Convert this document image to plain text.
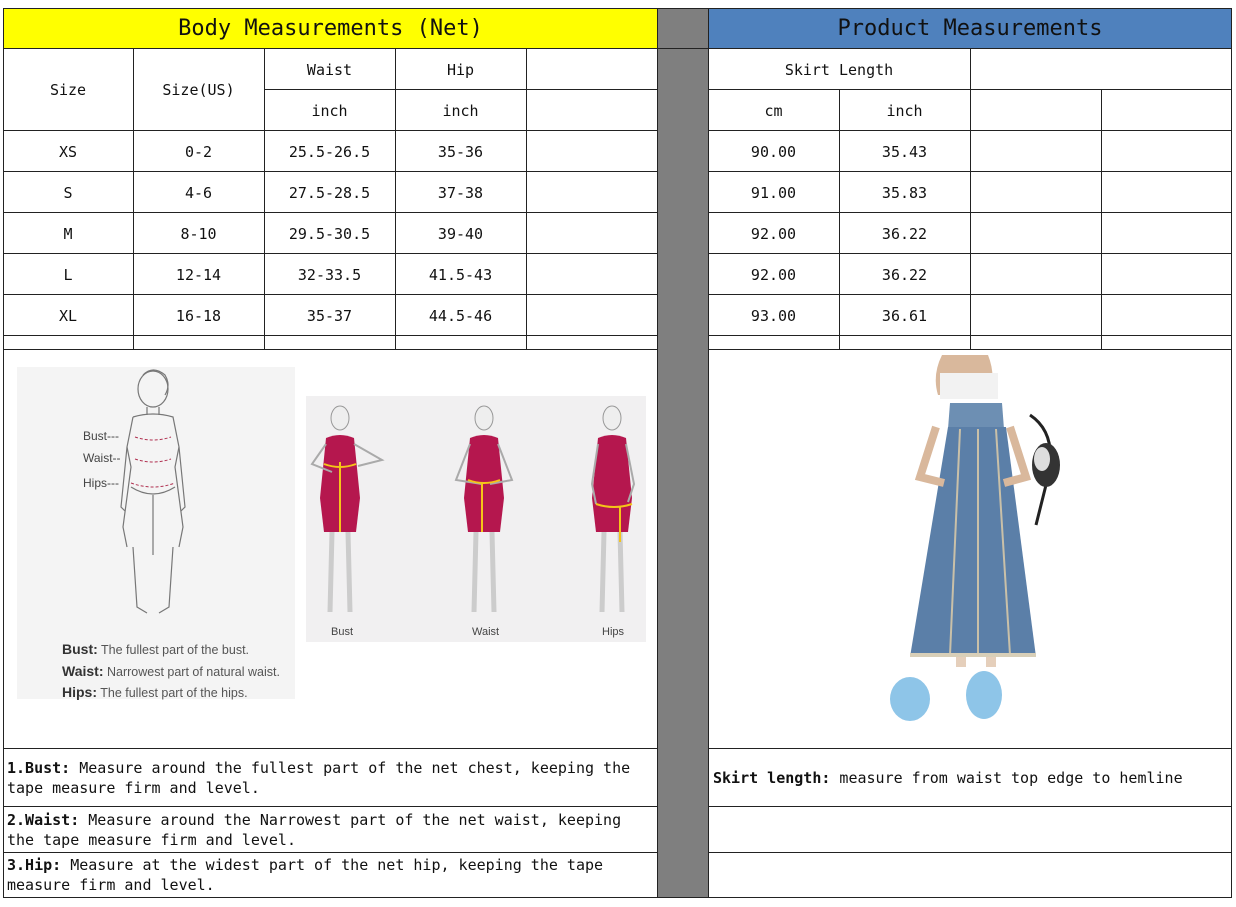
Body Measurements (Net)	Product Measurements
Size	Size(US)
Waist	Hip
inch	inch
Skirt Length
cm	inch
XS	0-2	25.5-26.5	35-36
S	4-6	27.5-28.5	37-38
M	8-10	29.5-30.5	39-40
L	12-14	32-33.5	41.5-43
XL	16-18	35-37	44.5-46
90.00	35.43
91.00	35.83
92.00	36.22
92.00	36.22
93.00	36.61
Bust---
Waist--
Hips---
Bust: The fullest part of the bust.
Waist: Narrowest part of natural waist.
Hips: The fullest part of the hips.
Bust	Waist	Hips
1.Bust: Measure around the fullest part of the net chest, keeping the tape measure firm and level.
2.Waist: Measure around the Narrowest part of the net waist, keeping the tape measure firm and level.
3.Hip: Measure at the widest part of the net hip, keeping the tape measure firm and level.
Skirt length: measure from waist top edge to hemline
